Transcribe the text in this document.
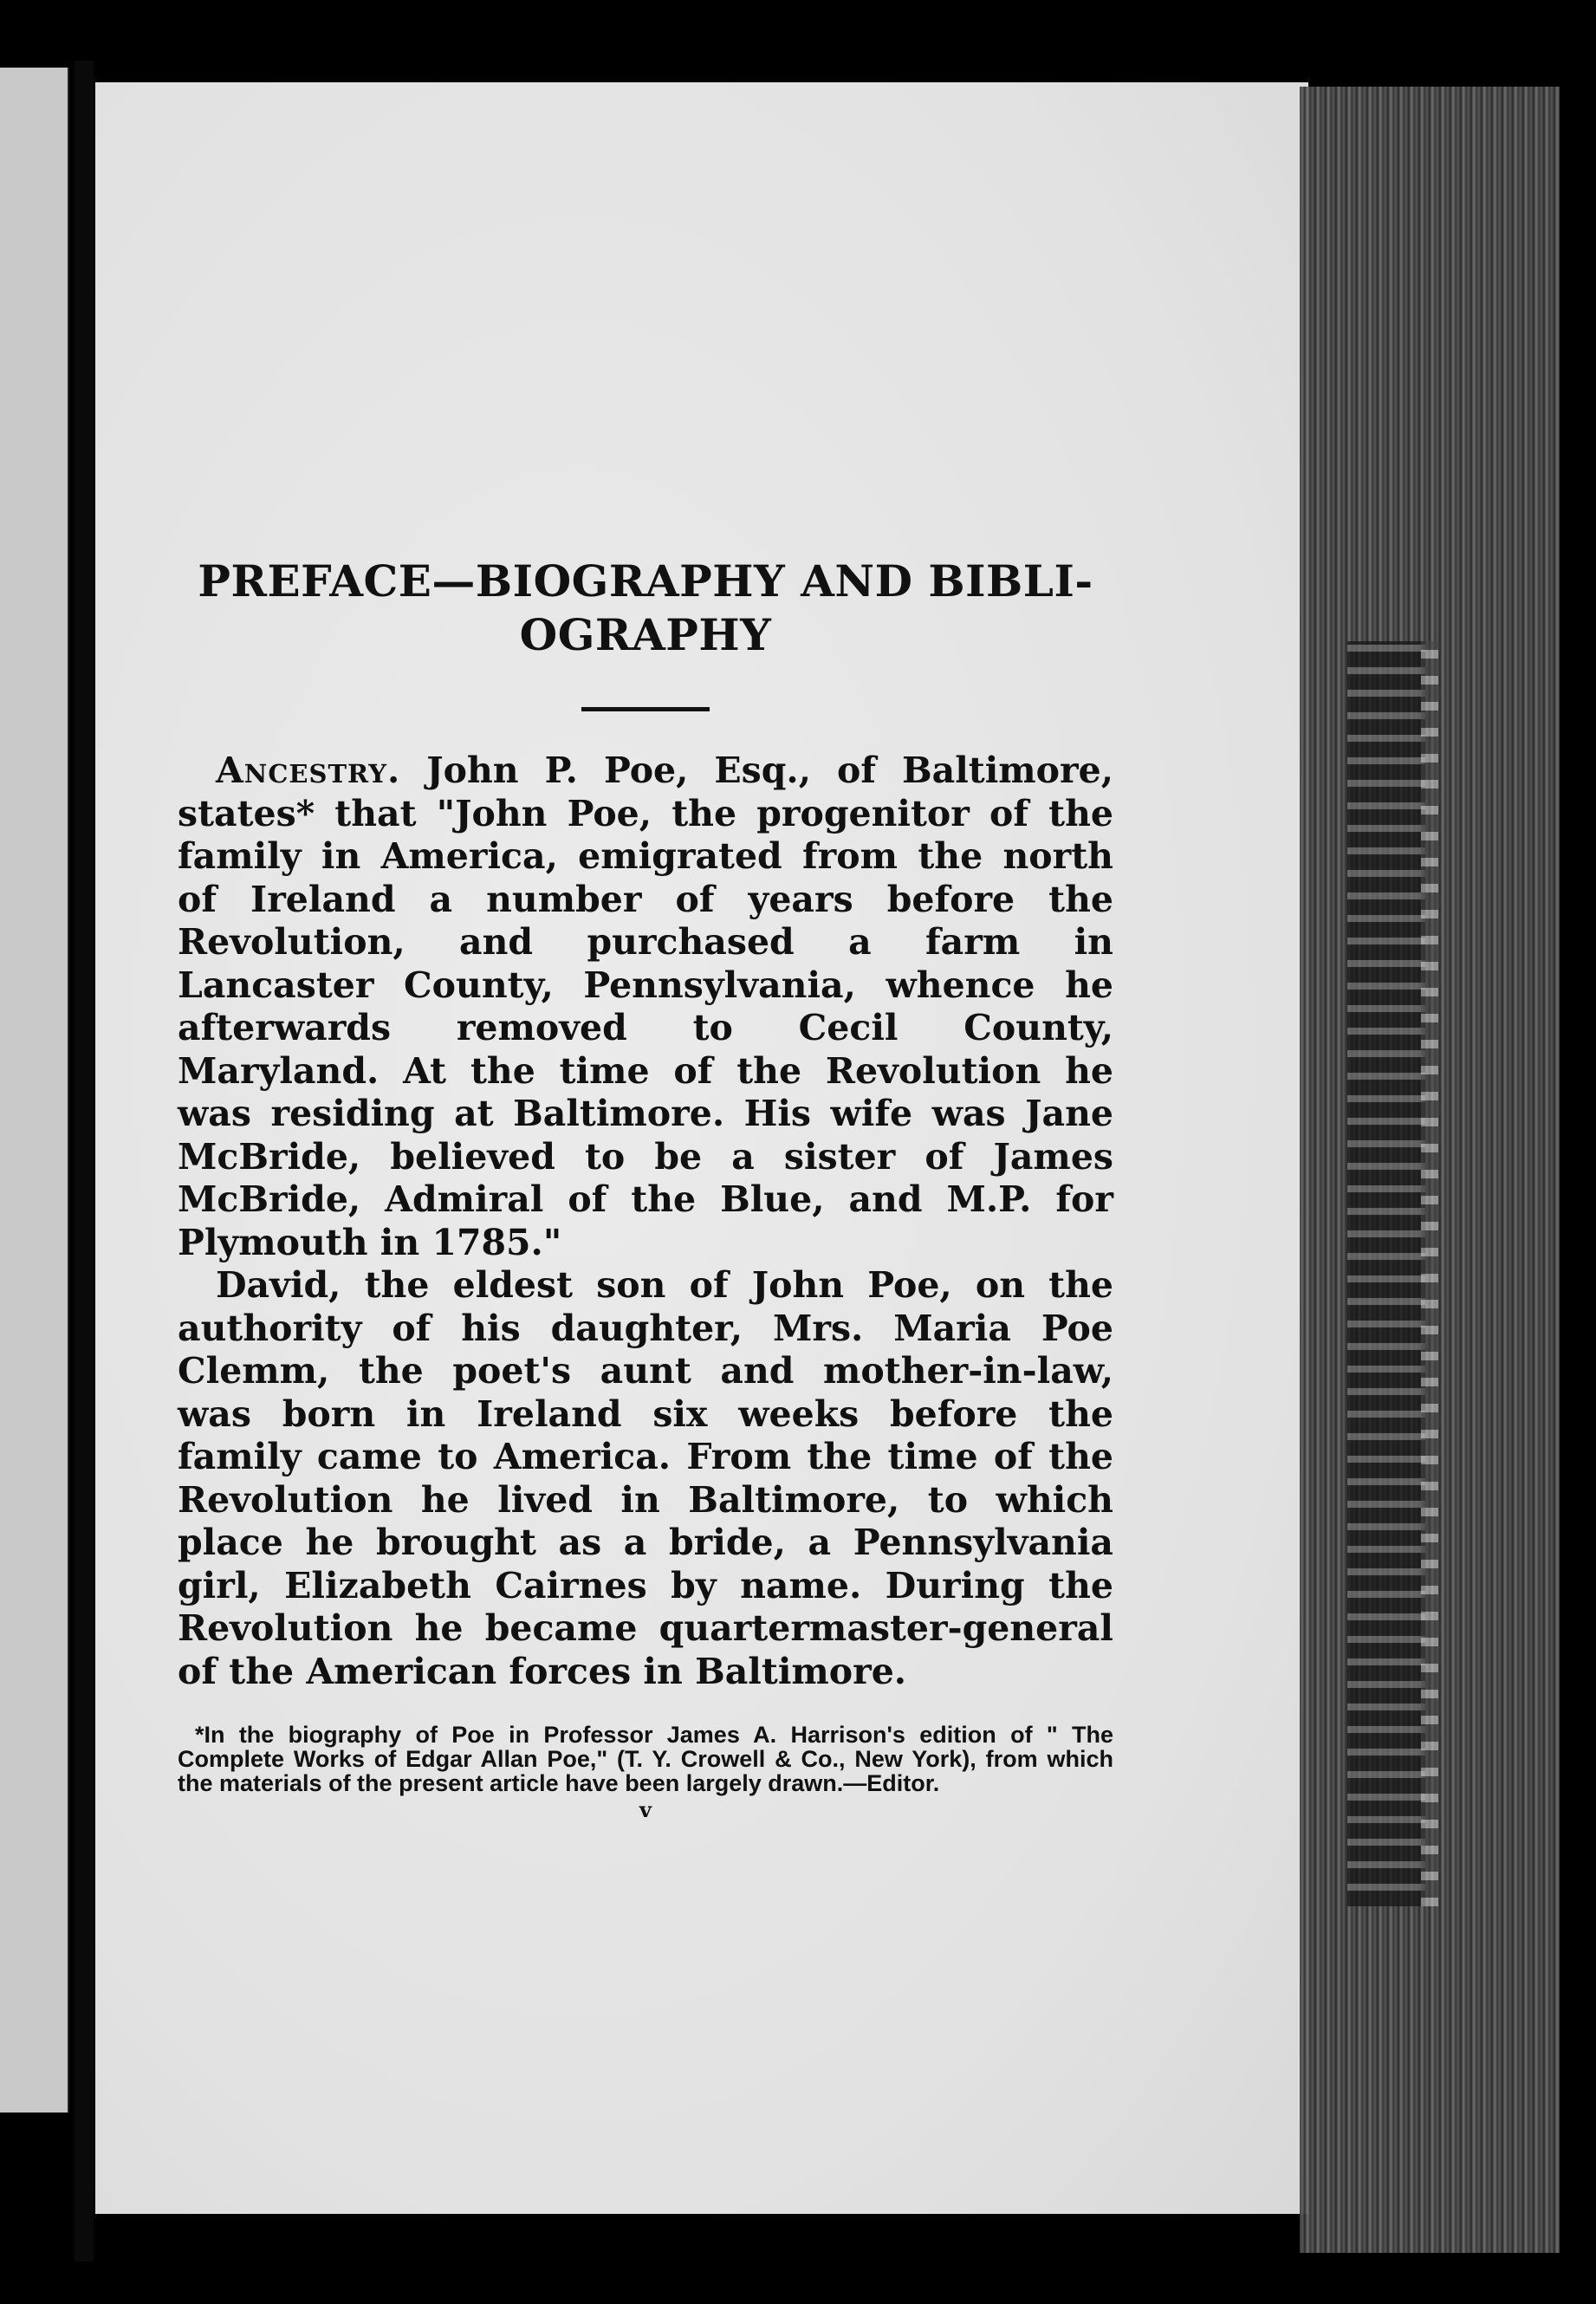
PREFACE—BIOGRAPHY AND BIBLI- OGRAPHY

Ancestry. John P. Poe, Esq., of Baltimore, states* that "John Poe, the progenitor of the family in America, emigrated from the north of Ireland a number of years before the Revolution, and purchased a farm in Lancaster County, Pennsylvania, whence he afterwards removed to Cecil County, Maryland. At the time of the Revolution he was residing at Baltimore. His wife was Jane McBride, believed to be a sister of James McBride, Admiral of the Blue, and M.P. for Plymouth in 1785."

David, the eldest son of John Poe, on the authority of his daughter, Mrs. Maria Poe Clemm, the poet's aunt and mother-in-law, was born in Ireland six weeks before the family came to America. From the time of the Revolution he lived in Baltimore, to which place he brought as a bride, a Pennsylvania girl, Elizabeth Cairnes by name. During the Revolution he became quartermaster-general of the American forces in Baltimore.

*In the biography of Poe in Professor James A. Harrison's edition of " The Complete Works of Edgar Allan Poe," (T. Y. Crowell & Co., New York), from which the materials of the present article have been largely drawn.—Editor.

v
